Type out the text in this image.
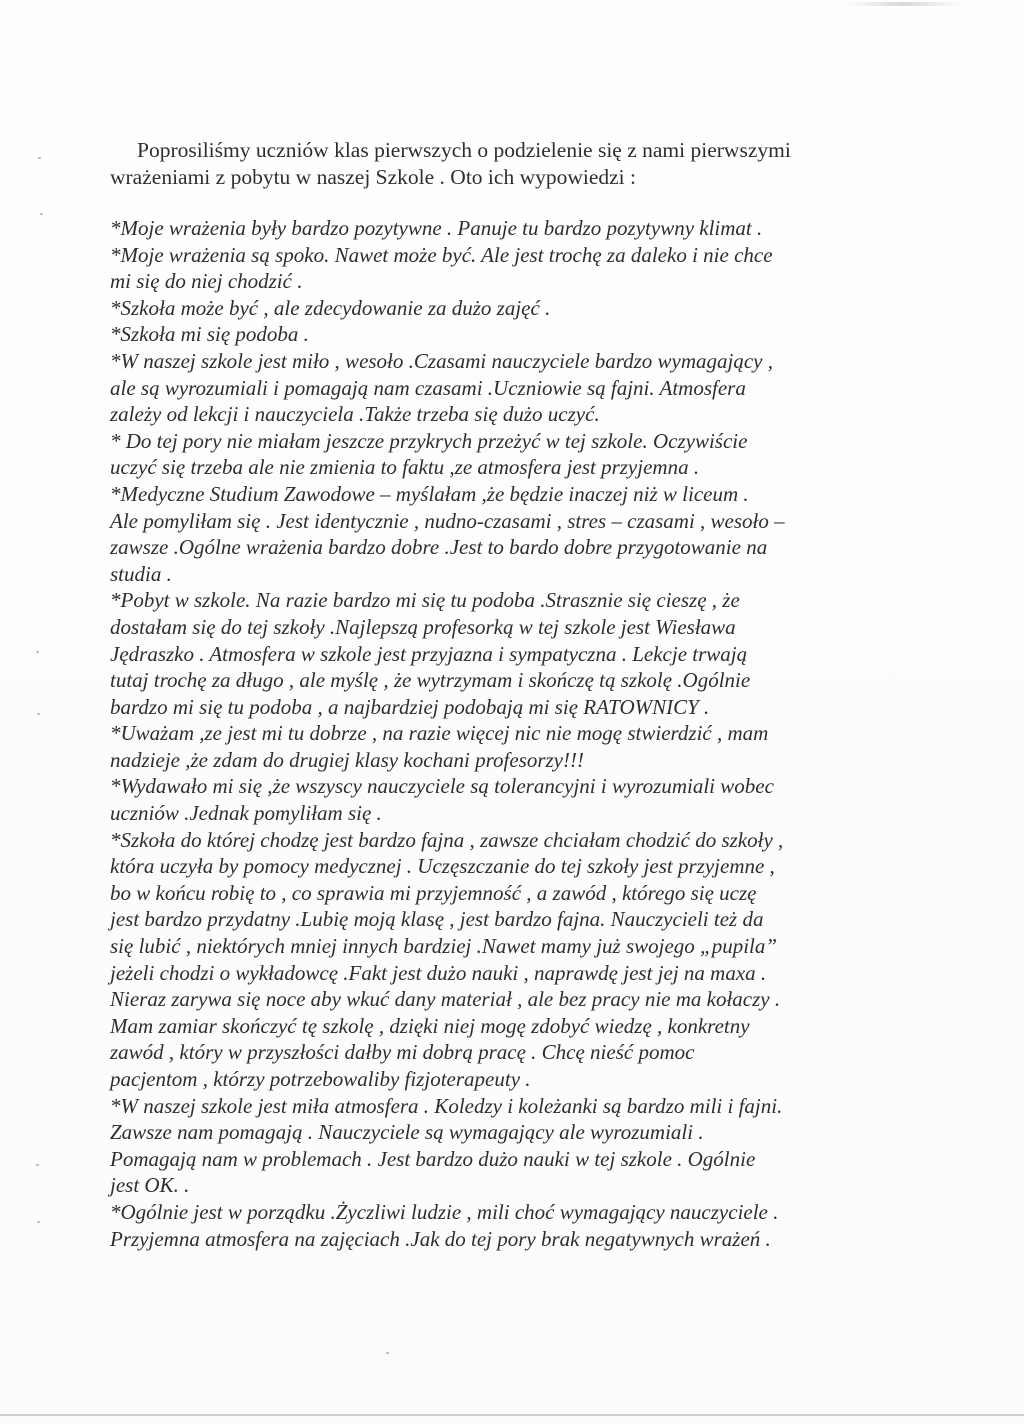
Poprosiliśmy uczniów klas pierwszych o podzielenie się z nami pierwszymi
wrażeniami z pobytu w naszej Szkole . Oto ich wypowiedzi :
*Moje wrażenia były bardzo pozytywne . Panuje tu bardzo pozytywny klimat .
*Moje wrażenia są spoko. Nawet może być. Ale jest trochę za daleko i nie chce
mi się do niej chodzić .
*Szkoła może być , ale zdecydowanie za dużo zajęć .
*Szkoła mi się podoba .
*W naszej szkole jest miło , wesoło .Czasami nauczyciele bardzo wymagający ,
ale są wyrozumiali i pomagają nam czasami .Uczniowie są fajni. Atmosfera
zależy od lekcji i nauczyciela .Także trzeba się dużo uczyć.
* Do tej pory nie miałam jeszcze przykrych przeżyć w tej szkole. Oczywiście
uczyć się trzeba ale nie zmienia to faktu ,ze atmosfera jest przyjemna .
*Medyczne Studium Zawodowe – myślałam ,że będzie inaczej niż w liceum .
Ale pomyliłam się . Jest identycznie , nudno-czasami , stres – czasami , wesoło –
zawsze .Ogólne wrażenia bardzo dobre .Jest to bardo dobre przygotowanie na
studia .
*Pobyt w szkole. Na razie bardzo mi się tu podoba .Strasznie się cieszę , że
dostałam się do tej szkoły .Najlepszą profesorką w tej szkole jest Wiesława
Jędraszko . Atmosfera w szkole jest przyjazna i sympatyczna . Lekcje trwają
tutaj trochę za długo , ale myślę , że wytrzymam i skończę tą szkolę .Ogólnie
bardzo mi się tu podoba , a najbardziej podobają mi się RATOWNICY .
*Uważam ,ze jest mi tu dobrze , na razie więcej nic nie mogę stwierdzić , mam
nadzieje ,że zdam do drugiej klasy kochani profesorzy!!!
*Wydawało mi się ,że wszyscy nauczyciele są tolerancyjni i wyrozumiali wobec
uczniów .Jednak pomyliłam się .
*Szkoła do której chodzę jest bardzo fajna , zawsze chciałam chodzić do szkoły ,
która uczyła by pomocy medycznej . Uczęszczanie do tej szkoły jest przyjemne ,
bo w końcu robię to , co sprawia mi przyjemność , a zawód , którego się uczę
jest bardzo przydatny .Lubię moją klasę , jest bardzo fajna. Nauczycieli też da
się lubić , niektórych mniej innych bardziej .Nawet mamy już swojego „pupila”
jeżeli chodzi o wykładowcę .Fakt jest dużo nauki , naprawdę jest jej na maxa .
Nieraz zarywa się noce aby wkuć dany materiał , ale bez pracy nie ma kołaczy .
Mam zamiar skończyć tę szkolę , dzięki niej mogę zdobyć wiedzę , konkretny
zawód , który w przyszłości dałby mi dobrą pracę . Chcę nieść pomoc
pacjentom , którzy potrzebowaliby fizjoterapeuty .
*W naszej szkole jest miła atmosfera . Koledzy i koleżanki są bardzo mili i fajni.
Zawsze nam pomagają . Nauczyciele są wymagający ale wyrozumiali .
Pomagają nam w problemach . Jest bardzo dużo nauki w tej szkole . Ogólnie
jest OK. .
*Ogólnie jest w porządku .Życzliwi ludzie , mili choć wymagający nauczyciele .
Przyjemna atmosfera na zajęciach .Jak do tej pory brak negatywnych wrażeń .
